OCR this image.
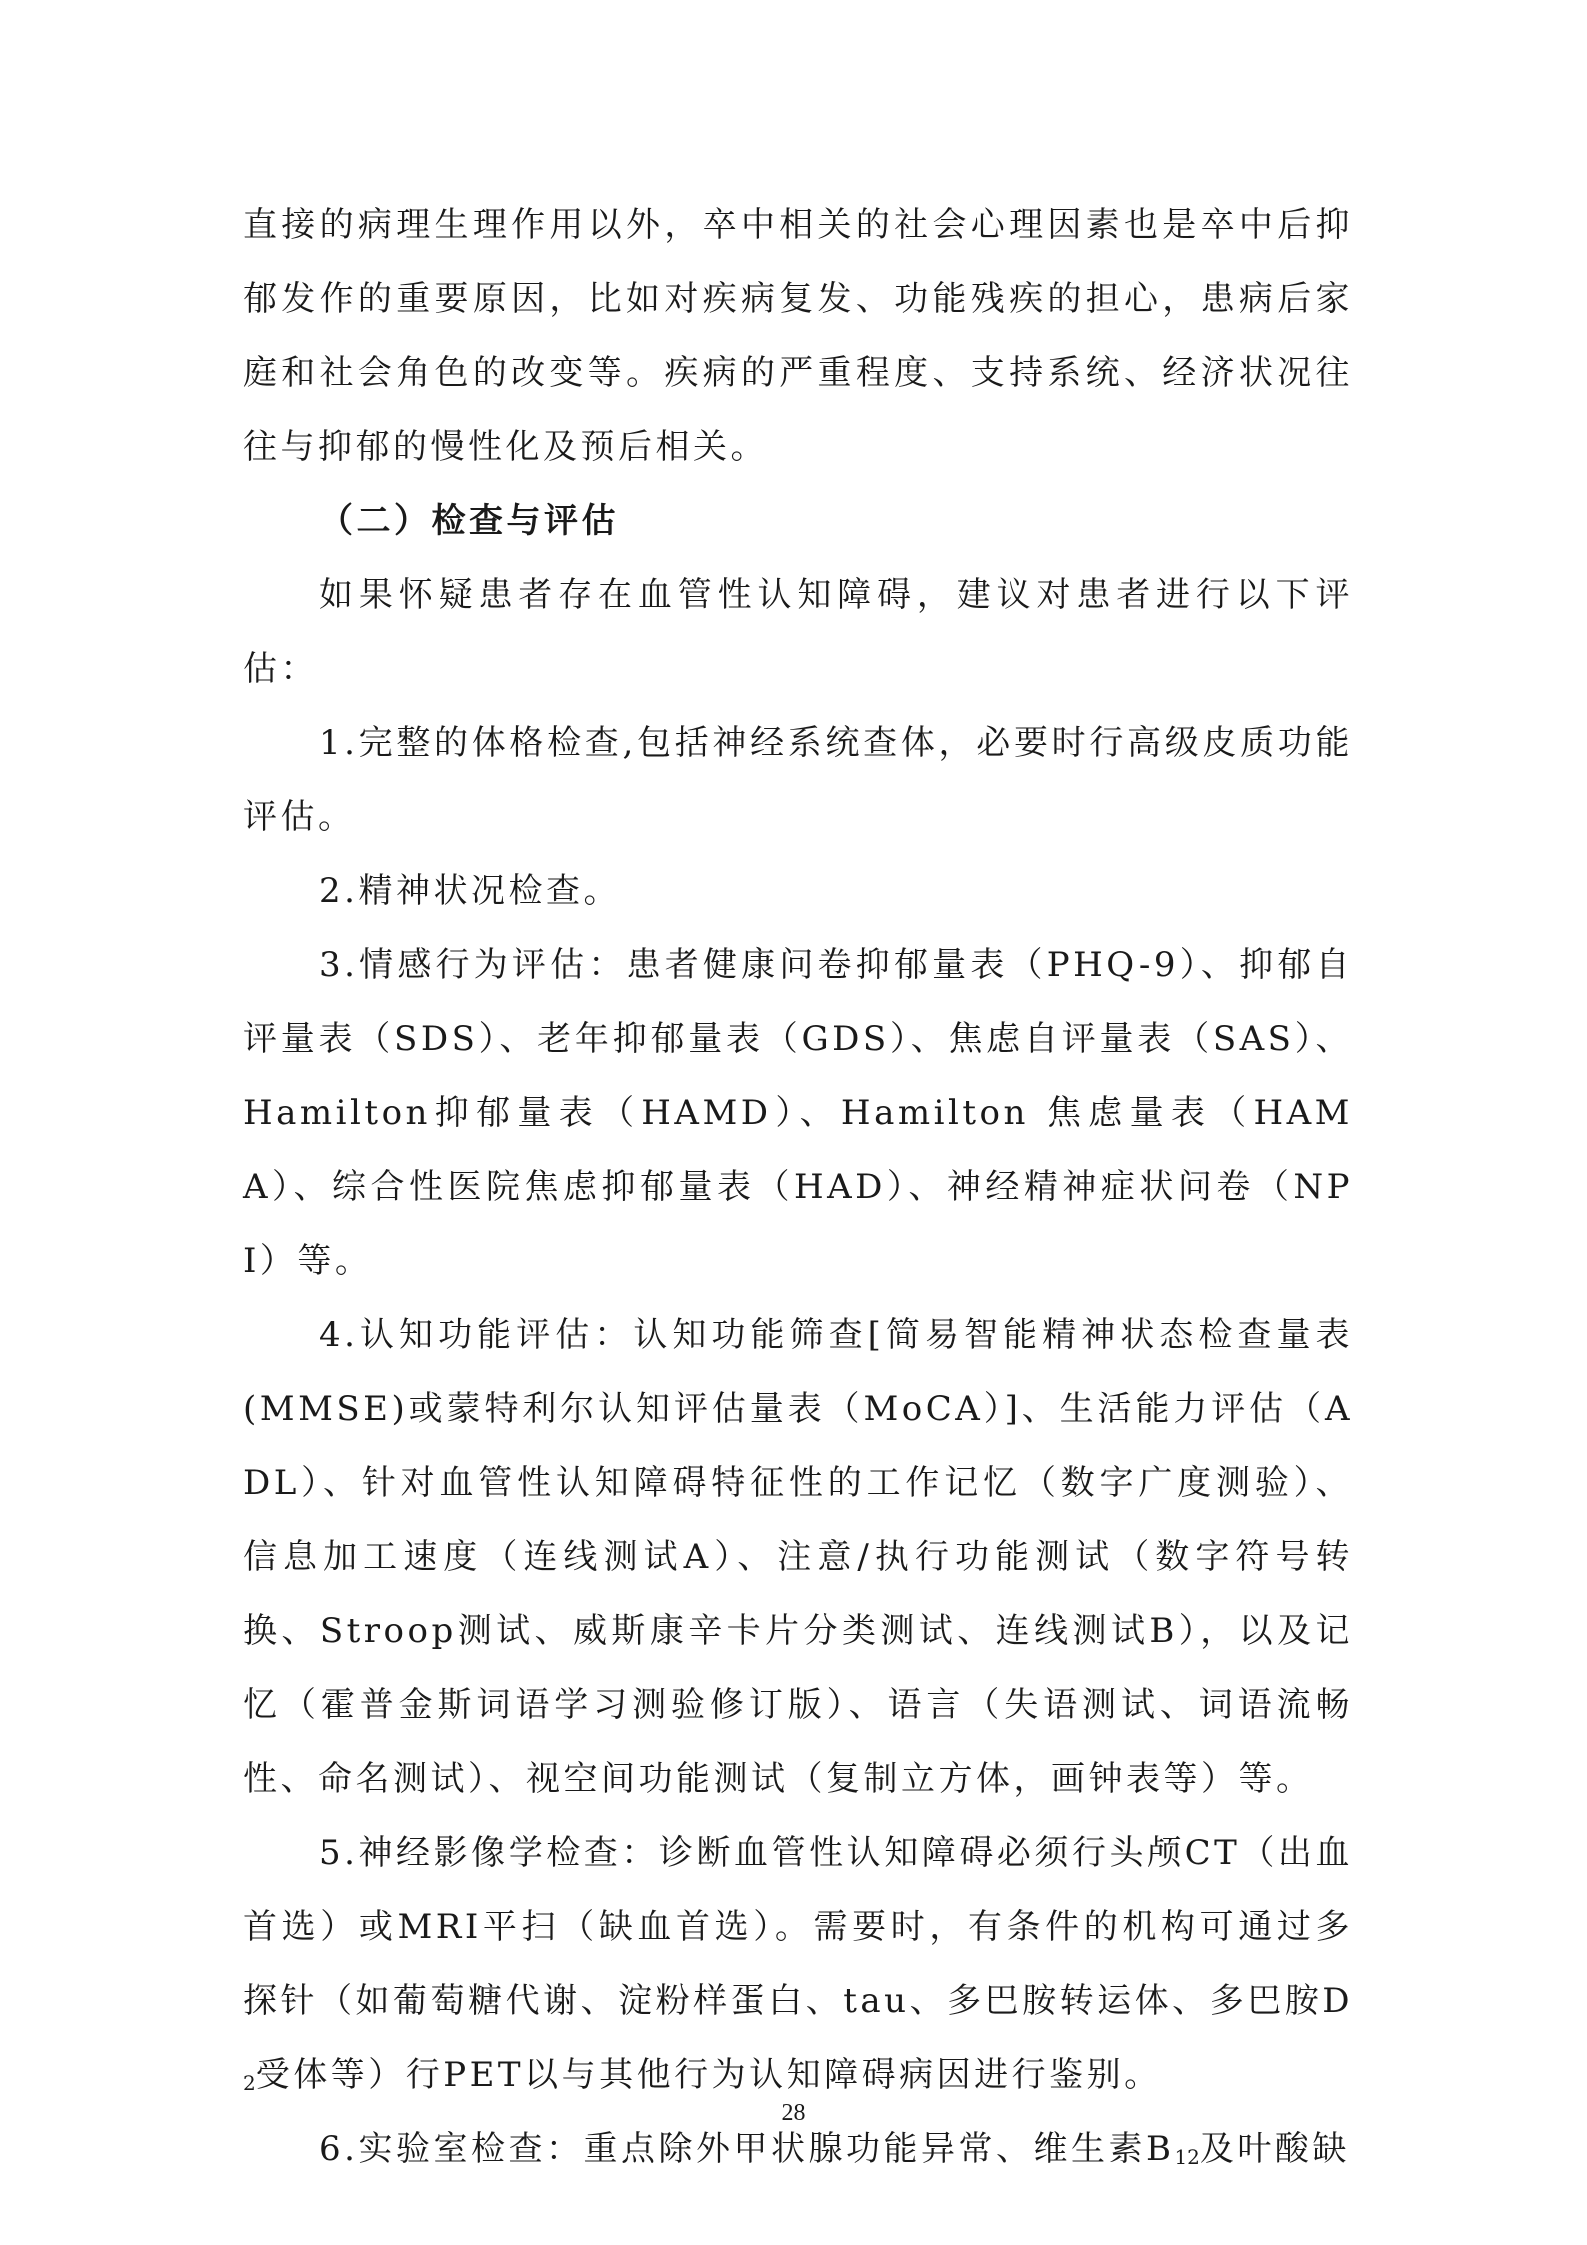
直接的病理生理作用以外，卒中相关的社会心理因素也是卒中后抑郁发作的重要原因，比如对疾病复发、功能残疾的担心，患病后家庭和社会角色的改变等。疾病的严重程度、支持系统、经济状况往往与抑郁的慢性化及预后相关。

（二）检查与评估

如果怀疑患者存在血管性认知障碍，建议对患者进行以下评估：

1.完整的体格检查,包括神经系统查体，必要时行高级皮质功能评估。

2.精神状况检查。

3.情感行为评估：患者健康问卷抑郁量表（PHQ-9）、抑郁自评量表（SDS）、老年抑郁量表（GDS）、焦虑自评量表（SAS）、Hamilton抑郁量表（HAMD）、Hamilton 焦虑量表（HAMA）、综合性医院焦虑抑郁量表（HAD）、神经精神症状问卷（NPI）等。

4.认知功能评估：认知功能筛查[简易智能精神状态检查量表(MMSE)或蒙特利尔认知评估量表（MoCA）]、生活能力评估（ADL）、针对血管性认知障碍特征性的工作记忆（数字广度测验）、信息加工速度（连线测试A）、注意/执行功能测试（数字符号转换、Stroop测试、威斯康辛卡片分类测试、连线测试B），以及记忆（霍普金斯词语学习测验修订版）、语言（失语测试、词语流畅性、命名测试）、视空间功能测试（复制立方体，画钟表等）等。

5.神经影像学检查：诊断血管性认知障碍必须行头颅CT（出血首选）或MRI平扫（缺血首选）。需要时，有条件的机构可通过多探针（如葡萄糖代谢、淀粉样蛋白、tau、多巴胺转运体、多巴胺$D_2$受体等）行PET以与其他行为认知障碍病因进行鉴别。

6.实验室检查：重点除外甲状腺功能异常、维生素$B_{12}$及叶酸缺

28
